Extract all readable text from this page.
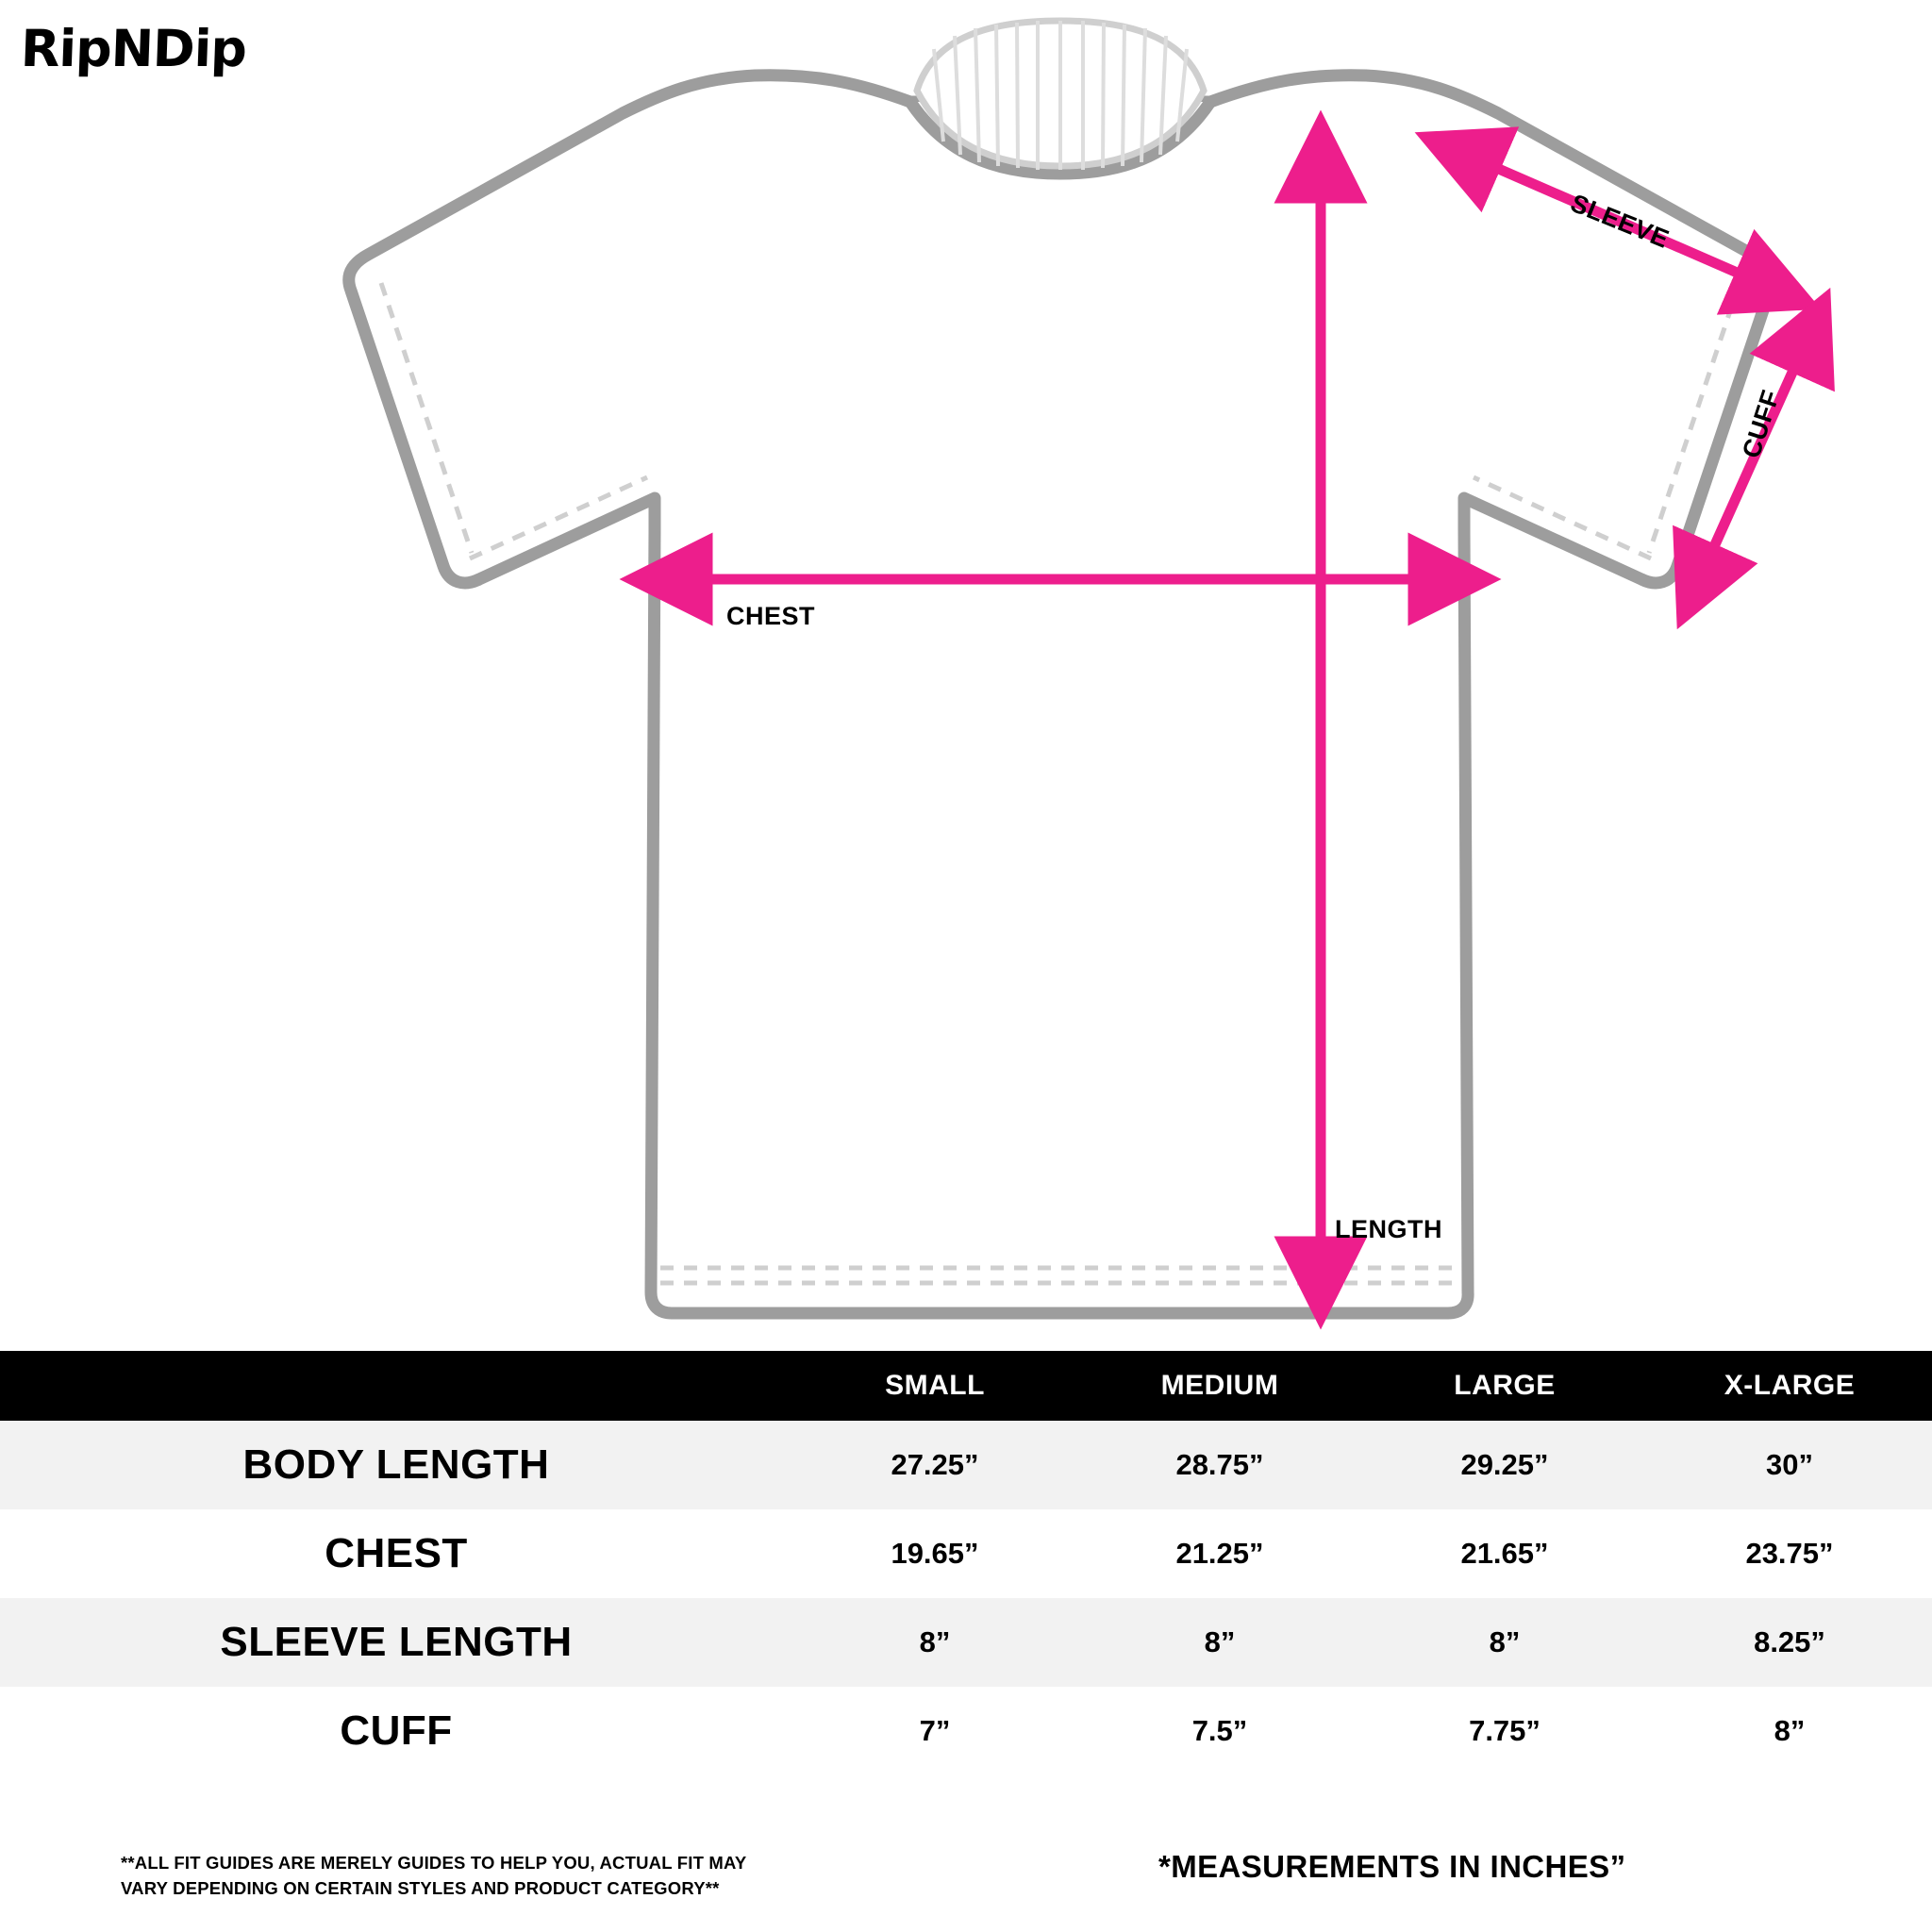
RipNDip
CHEST
LENGTH
SLEEVE
CUFF
	SMALL	MEDIUM	LARGE	X-LARGE
BODY LENGTH	27.25”	28.75”	29.25”	30”
CHEST	19.65”	21.25”	21.65”	23.75”
SLEEVE LENGTH	8”	8”	8”	8.25”
CUFF	7”	7.5”	7.75”	8”
**ALL FIT GUIDES ARE MERELY GUIDES TO HELP YOU, ACTUAL FIT MAY VARY DEPENDING ON CERTAIN STYLES AND PRODUCT CATEGORY**
*MEASUREMENTS IN INCHES”
